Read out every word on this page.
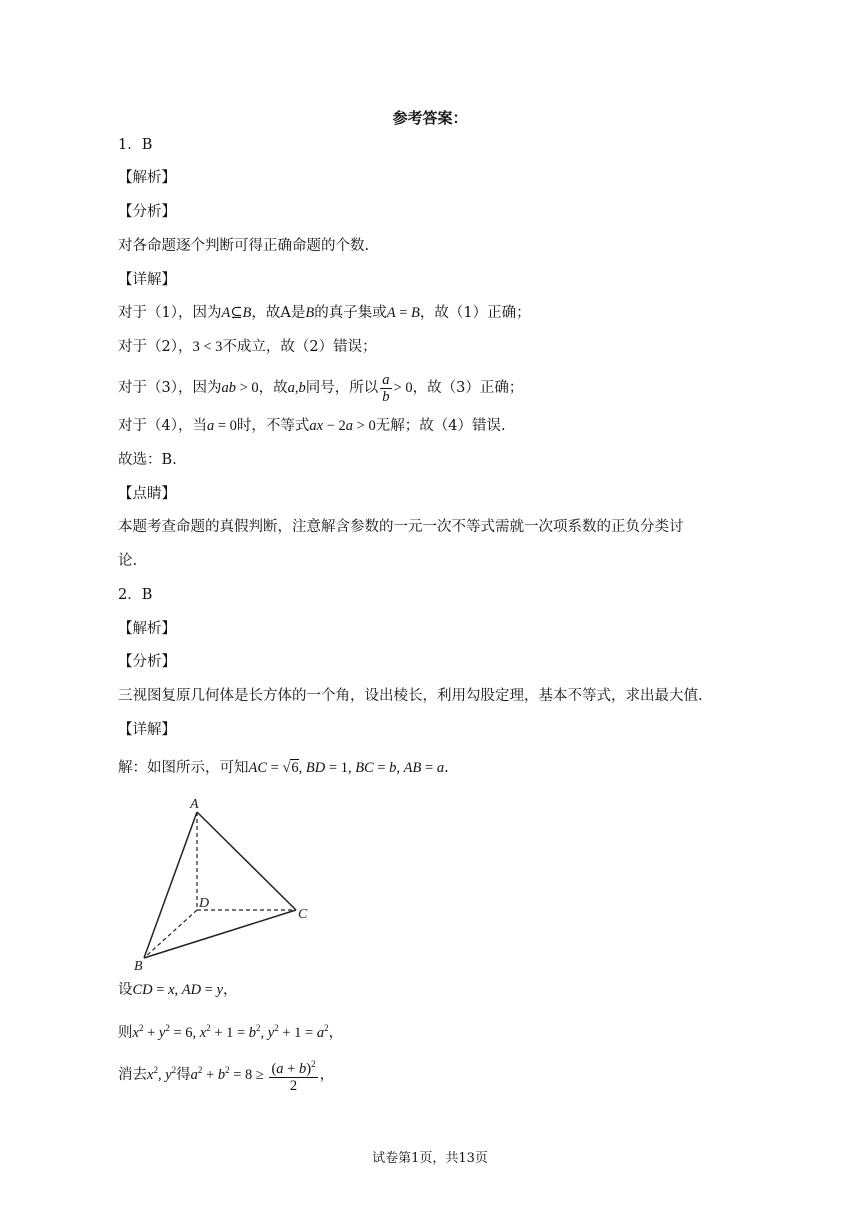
参考答案：
1．B
【解析】
【分析】
对各命题逐个判断可得正确命题的个数.
【详解】
对于（1），因为A⊆B，故A是B的真子集或A = B，故（1）正确；
对于（2），3 < 3不成立，故（2）错误；
对于（3），因为ab > 0，故a,b同号，所以 $\frac{a}{b} > 0$，故（3）正确；
对于（4），当a = 0时，不等式ax − 2a > 0无解；故（4）错误.
故选：B.
【点睛】
本题考查命题的真假判断，注意解含参数的一元一次不等式需就一次项系数的正负分类讨
论.
2．B
【解析】
【分析】
三视图复原几何体是长方体的一个角，设出棱长，利用勾股定理，基本不等式，求出最大值.
【详解】
解：如图所示，可知AC = √6, BD = 1, BC = b, AB = a.
A
B
C
D
设CD = x, AD = y，
则$x^2 + y^2 = 6$, $x^2 + 1 = b^2$, $y^2 + 1 = a^2$，
消去$x^2$, $y^2$得$a^2 + b^2 = 8 \ge \frac{(a + b)^2}{2}$ ，
试卷第1页，共13页
